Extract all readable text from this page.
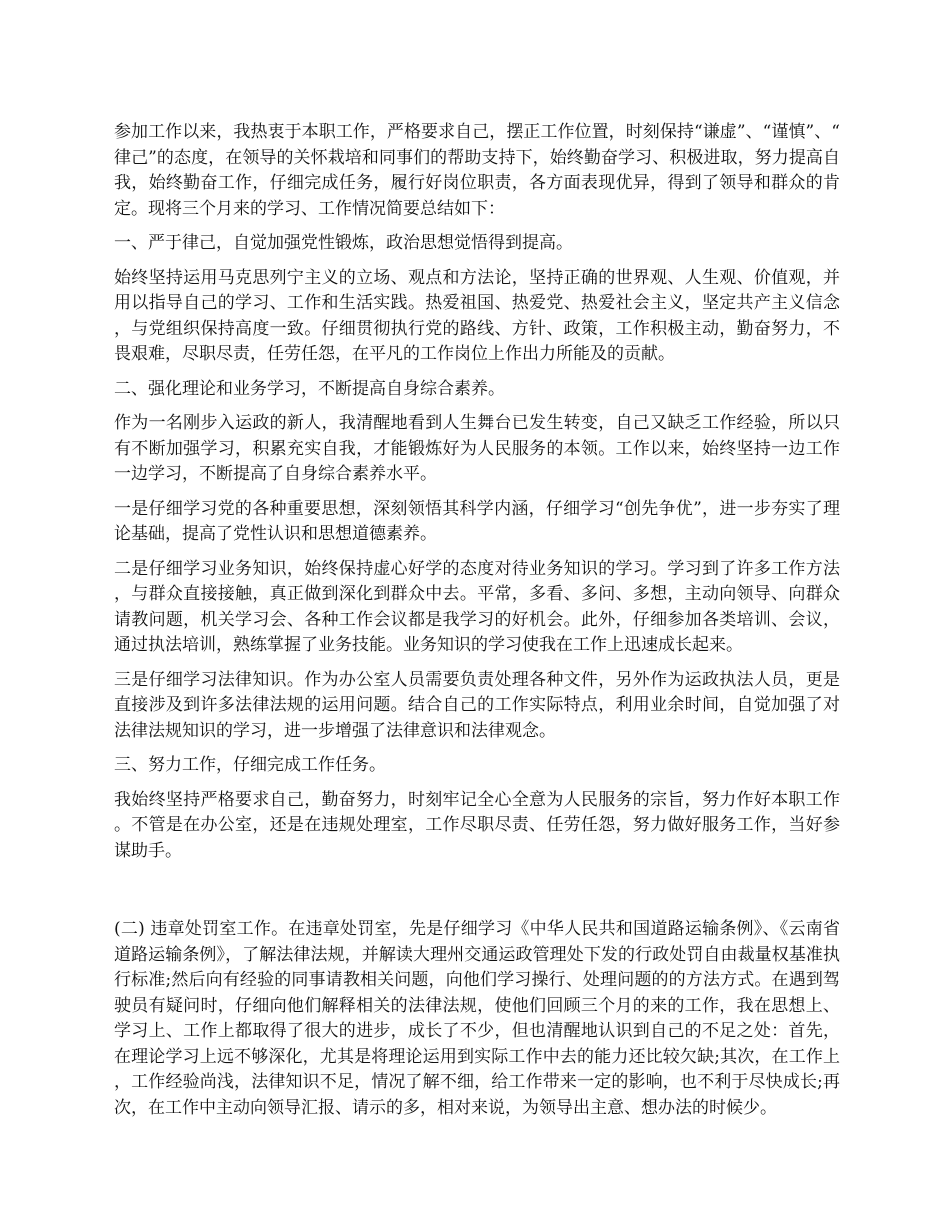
参加工作以来，我热衷于本职工作，严格要求自己，摆正工作位置，时刻保持“谦虚”、“谨慎”、“律己”的态度，在领导的关怀栽培和同事们的帮助支持下，始终勤奋学习、积极进取，努力提高自我，始终勤奋工作，仔细完成任务，履行好岗位职责，各方面表现优异，得到了领导和群众的肯定。现将三个月来的学习、工作情况简要总结如下：

一、严于律己，自觉加强党性锻炼，政治思想觉悟得到提高。

始终坚持运用马克思列宁主义的立场、观点和方法论，坚持正确的世界观、人生观、价值观，并用以指导自己的学习、工作和生活实践。热爱祖国、热爱党、热爱社会主义，坚定共产主义信念，与党组织保持高度一致。仔细贯彻执行党的路线、方针、政策，工作积极主动，勤奋努力，不畏艰难，尽职尽责，任劳任怨，在平凡的工作岗位上作出力所能及的贡献。

二、强化理论和业务学习，不断提高自身综合素养。

作为一名刚步入运政的新人，我清醒地看到人生舞台已发生转变，自己又缺乏工作经验，所以只有不断加强学习，积累充实自我，才能锻炼好为人民服务的本领。工作以来，始终坚持一边工作一边学习，不断提高了自身综合素养水平。

一是仔细学习党的各种重要思想，深刻领悟其科学内涵，仔细学习“创先争优”，进一步夯实了理论基础，提高了党性认识和思想道德素养。

二是仔细学习业务知识，始终保持虚心好学的态度对待业务知识的学习。学习到了许多工作方法，与群众直接接触，真正做到深化到群众中去。平常，多看、多问、多想，主动向领导、向群众请教问题，机关学习会、各种工作会议都是我学习的好机会。此外，仔细参加各类培训、会议，通过执法培训，熟练掌握了业务技能。业务知识的学习使我在工作上迅速成长起来。

三是仔细学习法律知识。作为办公室人员需要负责处理各种文件，另外作为运政执法人员，更是直接涉及到许多法律法规的运用问题。结合自己的工作实际特点，利用业余时间，自觉加强了对法律法规知识的学习，进一步增强了法律意识和法律观念。

三、努力工作，仔细完成工作任务。

我始终坚持严格要求自己，勤奋努力，时刻牢记全心全意为人民服务的宗旨，努力作好本职工作。不管是在办公室，还是在违规处理室，工作尽职尽责、任劳任怨，努力做好服务工作，当好参谋助手。

(二) 违章处罚室工作。在违章处罚室，先是仔细学习《中华人民共和国道路运输条例》、《云南省道路运输条例》，了解法律法规，并解读大理州交通运政管理处下发的行政处罚自由裁量权基准执行标准;然后向有经验的同事请教相关问题，向他们学习操行、处理问题的的方法方式。在遇到驾驶员有疑问时，仔细向他们解释相关的法律法规，使他们回顾三个月的来的工作，我在思想上、学习上、工作上都取得了很大的进步，成长了不少，但也清醒地认识到自己的不足之处：首先，在理论学习上远不够深化，尤其是将理论运用到实际工作中去的能力还比较欠缺;其次，在工作上，工作经验尚浅，法律知识不足，情况了解不细，给工作带来一定的影响，也不利于尽快成长;再次，在工作中主动向领导汇报、请示的多，相对来说，为领导出主意、想办法的时候少。
